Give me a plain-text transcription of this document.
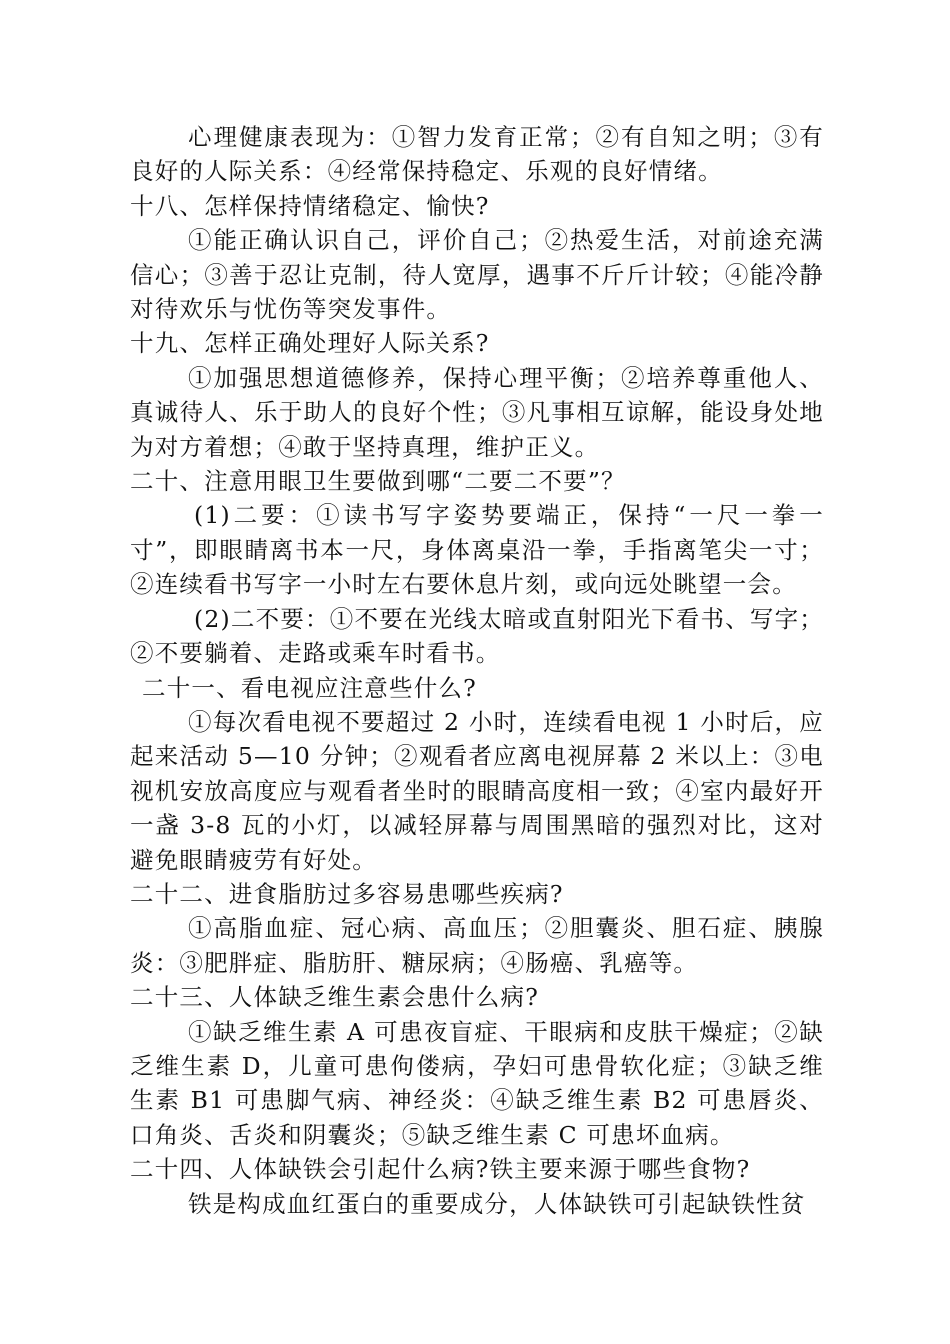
心理健康表现为：①智力发育正常；②有自知之明；③有良好的人际关系：④经常保持稳定、乐观的良好情绪。

十八、怎样保持情绪稳定、愉快?

①能正确认识自己，评价自己；②热爱生活，对前途充满信心；③善于忍让克制，待人宽厚，遇事不斤斤计较；④能冷静对待欢乐与忧伤等突发事件。

十九、怎样正确处理好人际关系?

①加强思想道德修养，保持心理平衡；②培养尊重他人、真诚待人、乐于助人的良好个性；③凡事相互谅解，能设身处地为对方着想；④敢于坚持真理，维护正义。

二十、注意用眼卫生要做到哪“二要二不要”？

(1)二要：①读书写字姿势要端正，保持“一尺一拳一寸”，即眼睛离书本一尺，身体离桌沿一拳，手指离笔尖一寸；②连续看书写字一小时左右要休息片刻，或向远处眺望一会。

(2)二不要：①不要在光线太暗或直射阳光下看书、写字；②不要躺着、走路或乘车时看书。

二十一、看电视应注意些什么?

①每次看电视不要超过 2 小时，连续看电视 1 小时后，应起来活动 5—10 分钟；②观看者应离电视屏幕 2 米以上：③电视机安放高度应与观看者坐时的眼睛高度相一致；④室内最好开一盏 3-8 瓦的小灯，以减轻屏幕与周围黑暗的强烈对比，这对避免眼睛疲劳有好处。

二十二、进食脂肪过多容易患哪些疾病?

①高脂血症、冠心病、高血压；②胆囊炎、胆石症、胰腺炎：③肥胖症、脂肪肝、糖尿病；④肠癌、乳癌等。

二十三、人体缺乏维生素会患什么病?

①缺乏维生素 A 可患夜盲症、干眼病和皮肤干燥症；②缺乏维生素 D，儿童可患佝偻病，孕妇可患骨软化症；③缺乏维生素 B1 可患脚气病、神经炎：④缺乏维生素 B2 可患唇炎、口角炎、舌炎和阴囊炎；⑤缺乏维生素 C 可患坏血病。

二十四、人体缺铁会引起什么病?铁主要来源于哪些食物?

铁是构成血红蛋白的重要成分，人体缺铁可引起缺铁性贫
